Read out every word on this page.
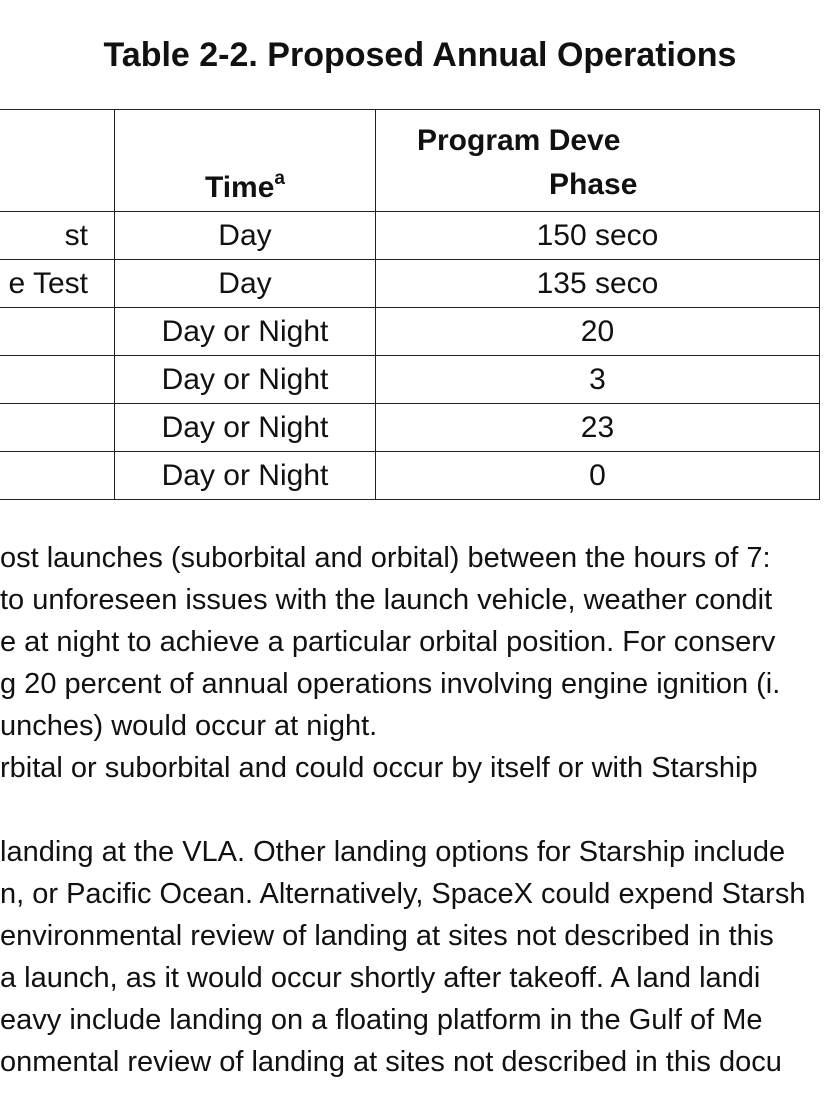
Table 2-2. Proposed Annual Operations
	Time$^a$	Program Deve
Phase

st	Day	150 seco
e Test	Day	135 seco
	Day or Night	20
	Day or Night	3
	Day or Night	23
	Day or Night	0
ost launches (suborbital and orbital) between the hours of 7:
to unforeseen issues with the launch vehicle, weather condit
e at night to achieve a particular orbital position. For conserv
g 20 percent of annual operations involving engine ignition (i.
unches) would occur at night.
rbital or suborbital and could occur by itself or with Starship
landing at the VLA. Other landing options for Starship include
n, or Pacific Ocean. Alternatively, SpaceX could expend Starsh
environmental review of landing at sites not described in this
a launch, as it would occur shortly after takeoff. A land landi
eavy include landing on a floating platform in the Gulf of Me
onmental review of landing at sites not described in this docu
